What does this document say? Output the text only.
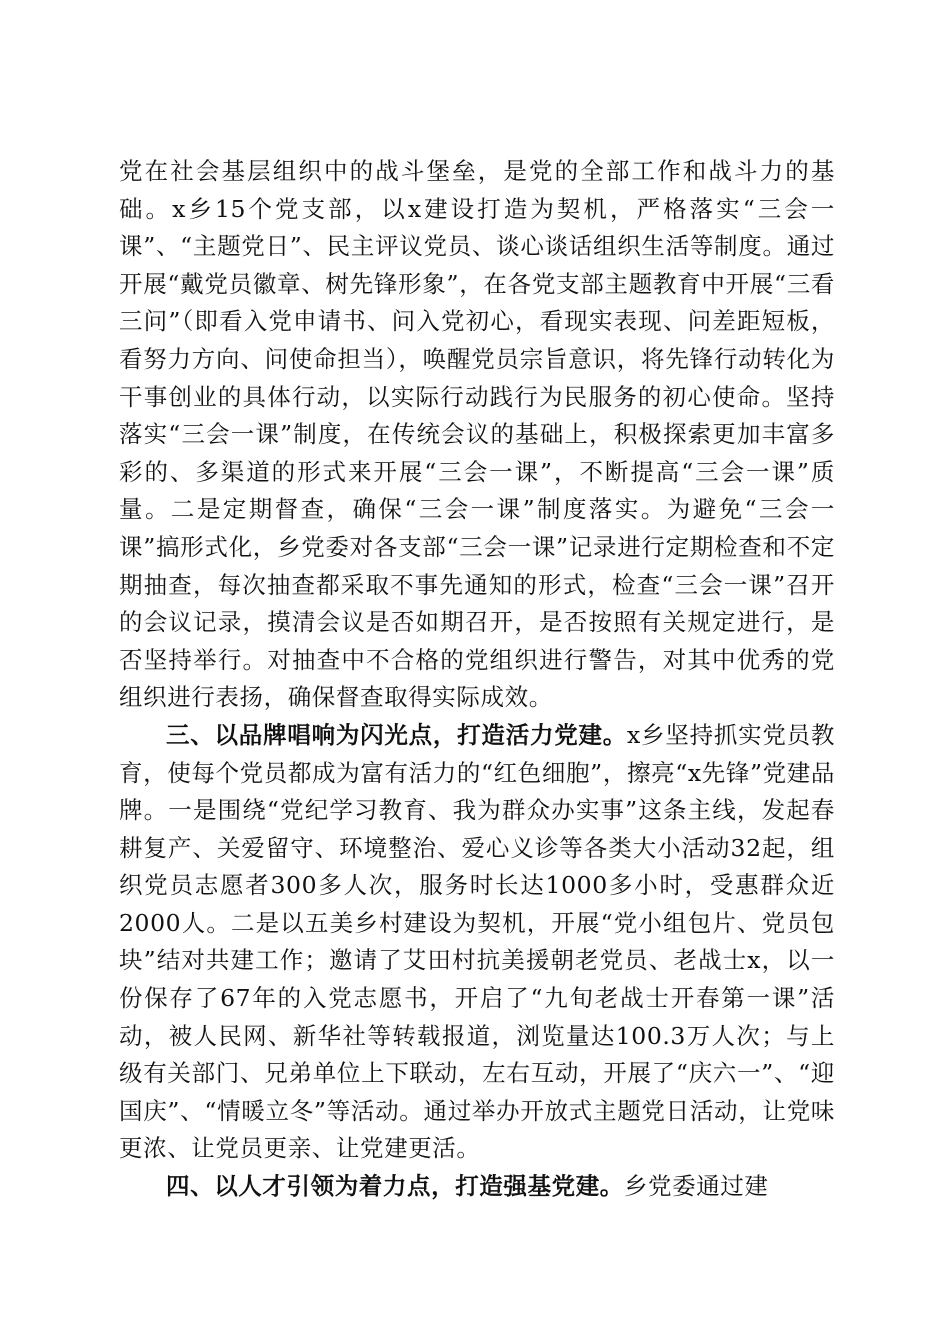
党在社会基层组织中的战斗堡垒，是党的全部工作和战斗力的基础。x乡15个党支部，以x建设打造为契机，严格落实“三会一课”、“主题党日”、民主评议党员、谈心谈话组织生活等制度。通过开展“戴党员徽章、树先锋形象”，在各党支部主题教育中开展“三看三问”（即看入党申请书、问入党初心，看现实表现、问差距短板，看努力方向、问使命担当），唤醒党员宗旨意识，将先锋行动转化为干事创业的具体行动，以实际行动践行为民服务的初心使命。坚持落实“三会一课”制度，在传统会议的基础上，积极探索更加丰富多彩的、多渠道的形式来开展“三会一课”，不断提高“三会一课”质量。二是定期督查，确保“三会一课”制度落实。为避免“三会一课”搞形式化，乡党委对各支部“三会一课”记录进行定期检查和不定期抽查，每次抽查都采取不事先通知的形式，检查“三会一课”召开的会议记录，摸清会议是否如期召开，是否按照有关规定进行，是否坚持举行。对抽查中不合格的党组织进行警告，对其中优秀的党组织进行表扬，确保督查取得实际成效。

三、以品牌唱响为闪光点，打造活力党建。x乡坚持抓实党员教育，使每个党员都成为富有活力的“红色细胞”，擦亮“x先锋”党建品牌。一是围绕“党纪学习教育、我为群众办实事”这条主线，发起春耕复产、关爱留守、环境整治、爱心义诊等各类大小活动32起，组织党员志愿者300多人次，服务时长达1000多小时，受惠群众近2000人。二是以五美乡村建设为契机，开展“党小组包片、党员包块”结对共建工作；邀请了艾田村抗美援朝老党员、老战士x，以一份保存了67年的入党志愿书，开启了“九旬老战士开春第一课”活动，被人民网、新华社等转载报道，浏览量达100.3万人次；与上级有关部门、兄弟单位上下联动，左右互动，开展了“庆六一”、“迎国庆”、“情暖立冬”等活动。通过举办开放式主题党日活动，让党味更浓、让党员更亲、让党建更活。

四、以人才引领为着力点，打造强基党建。乡党委通过建
